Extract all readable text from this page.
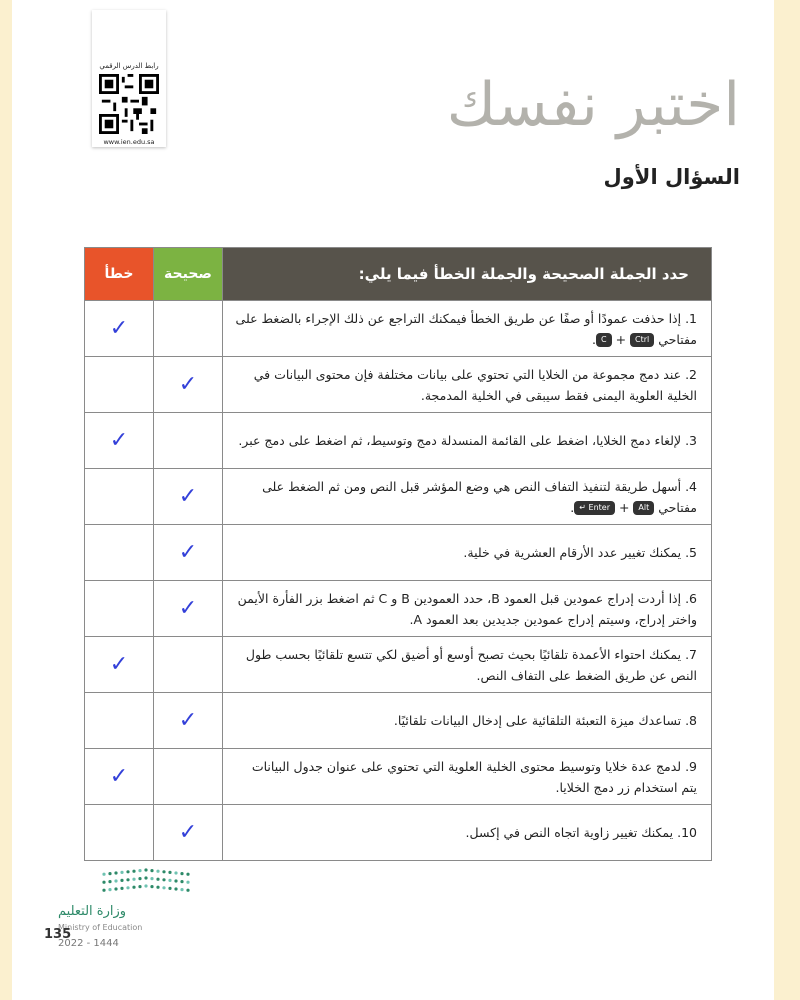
رابط الدرس الرقمي
www.ien.edu.sa
اختبر نفسك
السؤال الأول
حدد الجملة الصحيحة والجملة الخطأ فيما يلي:	صحيحة	خطأ
1. إذا حذفت عمودًا أو صفًا عن طريق الخطأ فيمكنك التراجع عن ذلك الإجراء بالضغط على مفتاحي Ctrl + C.		✓
2. عند دمج مجموعة من الخلايا التي تحتوي على بيانات مختلفة فإن محتوى البيانات في الخلية العلوية اليمنى فقط سيبقى في الخلية المدمجة.	✓	
3. لإلغاء دمج الخلايا، اضغط على القائمة المنسدلة دمج وتوسيط، ثم اضغط على دمج عبر.		✓
4. أسهل طريقة لتنفيذ التفاف النص هي وضع المؤشر قبل النص ومن ثم الضغط على مفتاحي Alt + Enter ↵.	✓	
5. يمكنك تغيير عدد الأرقام العشرية في خلية.	✓	
6. إذا أردت إدراج عمودين قبل العمود B، حدد العمودين B و C ثم اضغط بزر الفأرة الأيمن واختر إدراج، وسيتم إدراج عمودين جديدين بعد العمود A.	✓	
7. يمكنك احتواء الأعمدة تلقائيًا بحيث تصبح أوسع أو أضيق لكي تتسع تلقائيًا بحسب طول النص عن طريق الضغط على التفاف النص.		✓
8. تساعدك ميزة التعبئة التلقائية على إدخال البيانات تلقائيًا.	✓	
9. لدمج عدة خلايا وتوسيط محتوى الخلية العلوية التي تحتوي على عنوان جدول البيانات يتم استخدام زر دمج الخلايا.		✓
10. يمكنك تغيير زاوية اتجاه النص في إكسل.	✓	
وزارة التعليم
Ministry of Education
135
2022 - 1444
